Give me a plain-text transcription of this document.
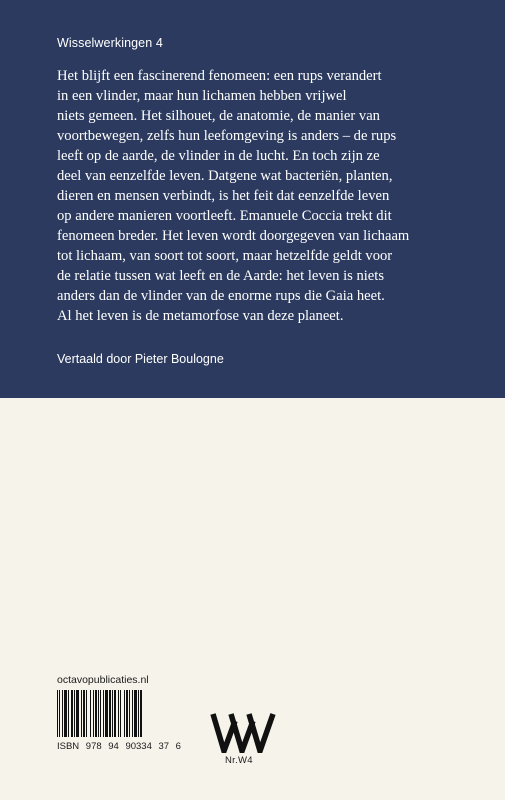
Wisselwerkingen 4

Het blijft een fascinerend fenomeen: een rups verandert
in een vlinder, maar hun lichamen hebben vrijwel
niets gemeen. Het silhouet, de anatomie, de manier van
voortbewegen, zelfs hun leefomgeving is anders – de rups
leeft op de aarde, de vlinder in de lucht. En toch zijn ze
deel van eenzelfde leven. Datgene wat bacteriën, planten,
dieren en mensen verbindt, is het feit dat eenzelfde leven
op andere manieren voortleeft. Emanuele Coccia trekt dit
fenomeen breder. Het leven wordt doorgegeven van lichaam
tot lichaam, van soort tot soort, maar hetzelfde geldt voor
de relatie tussen wat leeft en de Aarde: het leven is niets
anders dan de vlinder van de enorme rups die Gaia heet.
Al het leven is de metamorfose van deze planeet.

Vertaald door Pieter Boulogne
octavopublicaties.nl
ISBN 978 94 90334 37 6
Nr.W4
